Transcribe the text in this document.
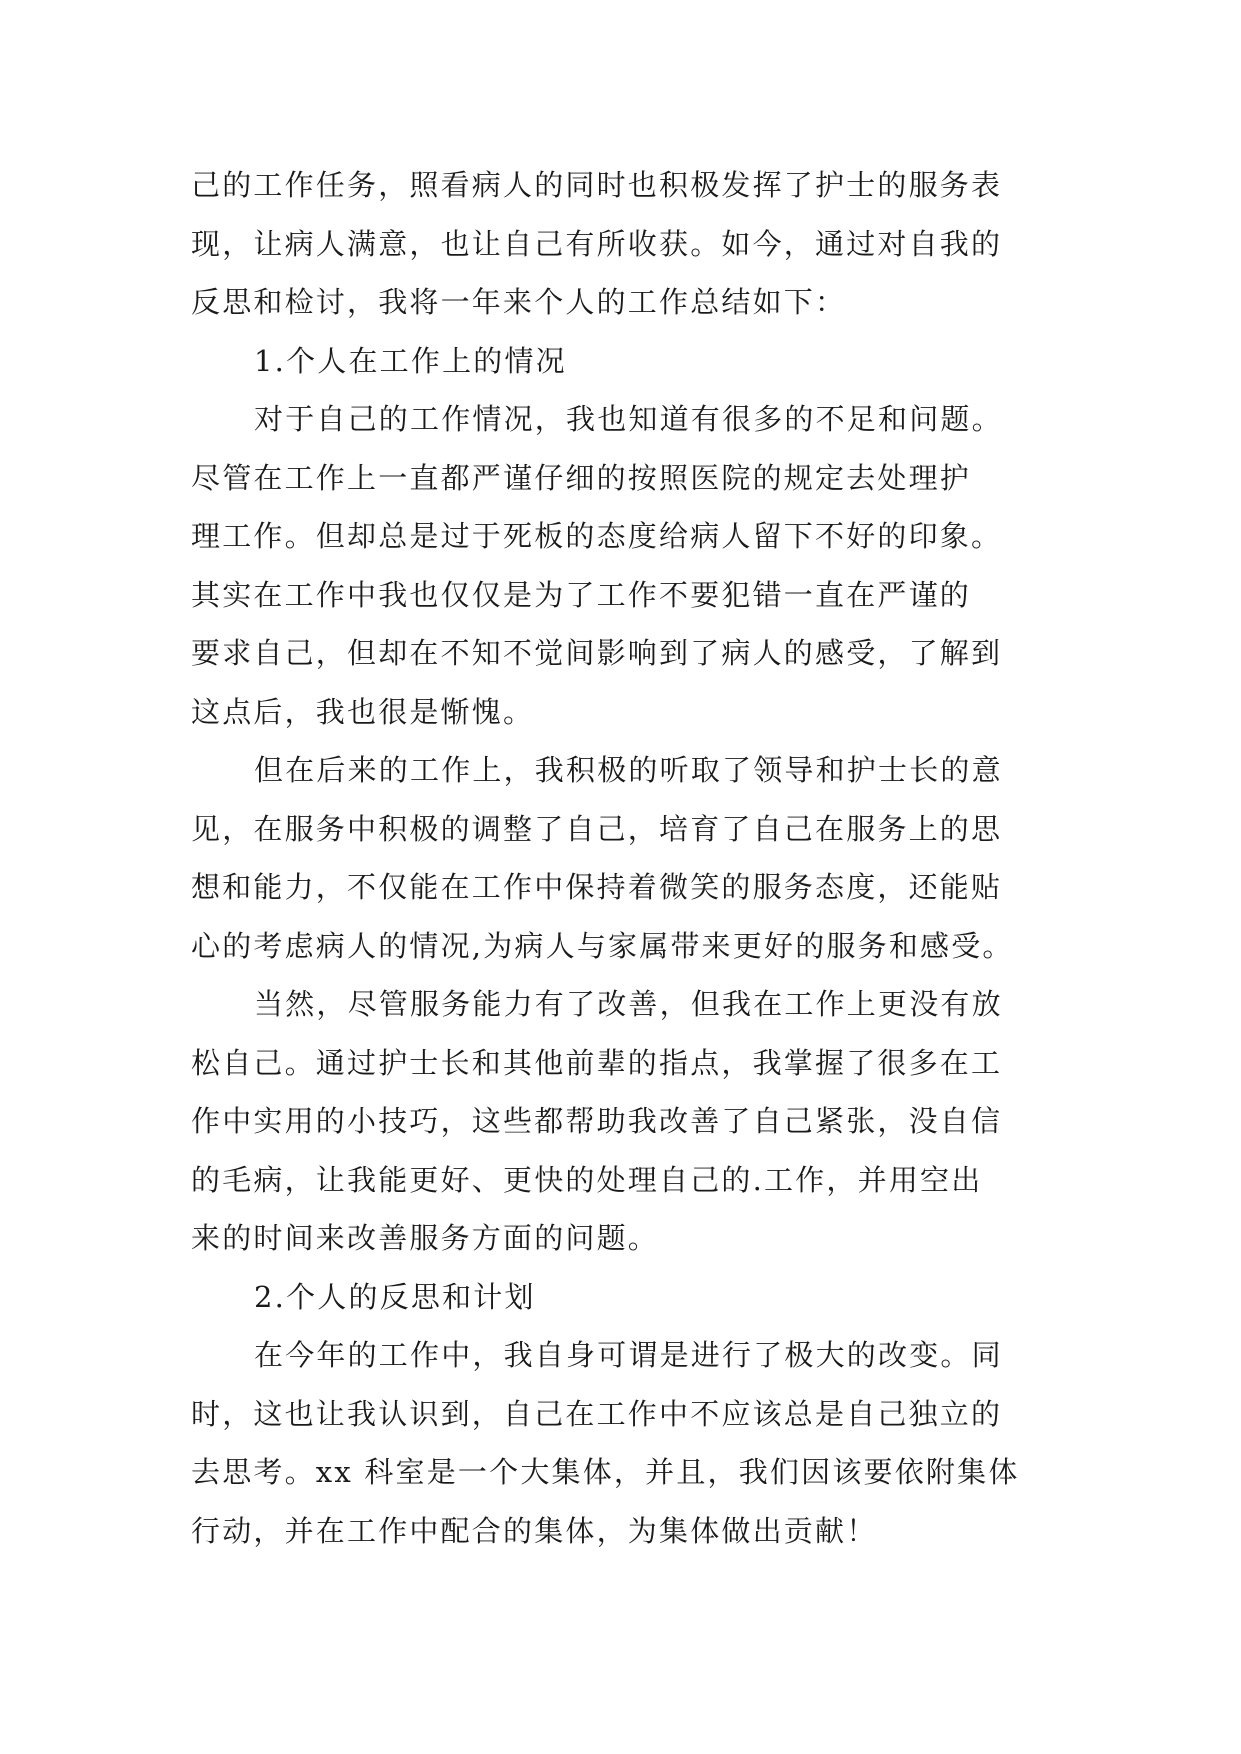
己的工作任务，照看病人的同时也积极发挥了护士的服务表
现，让病人满意，也让自己有所收获。如今，通过对自我的
反思和检讨，我将一年来个人的工作总结如下：
1.个人在工作上的情况
对于自己的工作情况，我也知道有很多的不足和问题。
尽管在工作上一直都严谨仔细的按照医院的规定去处理护
理工作。但却总是过于死板的态度给病人留下不好的印象。
其实在工作中我也仅仅是为了工作不要犯错一直在严谨的
要求自己，但却在不知不觉间影响到了病人的感受，了解到
这点后，我也很是惭愧。
但在后来的工作上，我积极的听取了领导和护士长的意
见，在服务中积极的调整了自己，培育了自己在服务上的思
想和能力，不仅能在工作中保持着微笑的服务态度，还能贴
心的考虑病人的情况,为病人与家属带来更好的服务和感受。
当然，尽管服务能力有了改善，但我在工作上更没有放
松自己。通过护士长和其他前辈的指点，我掌握了很多在工
作中实用的小技巧，这些都帮助我改善了自己紧张，没自信
的毛病，让我能更好、更快的处理自己的.工作，并用空出
来的时间来改善服务方面的问题。
2.个人的反思和计划
在今年的工作中，我自身可谓是进行了极大的改变。同
时，这也让我认识到，自己在工作中不应该总是自己独立的
去思考。xx 科室是一个大集体，并且，我们因该要依附集体
行动，并在工作中配合的集体，为集体做出贡献！
